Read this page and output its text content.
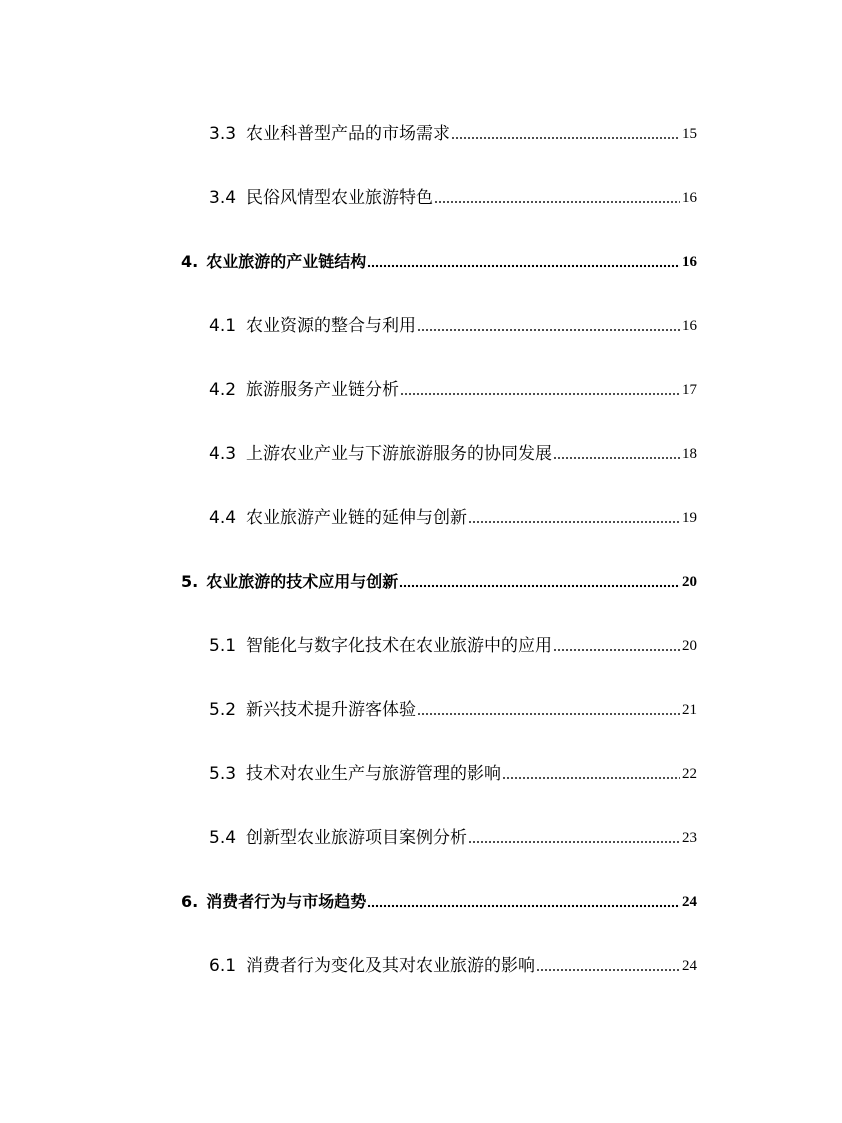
3.3 农业科普型产品的市场需求	15
3.4 民俗风情型农业旅游特色	16
4. 农业旅游的产业链结构	16
4.1 农业资源的整合与利用	16
4.2 旅游服务产业链分析	17
4.3 上游农业产业与下游旅游服务的协同发展	18
4.4 农业旅游产业链的延伸与创新	19
5. 农业旅游的技术应用与创新	20
5.1 智能化与数字化技术在农业旅游中的应用	20
5.2 新兴技术提升游客体验	21
5.3 技术对农业生产与旅游管理的影响	22
5.4 创新型农业旅游项目案例分析	23
6. 消费者行为与市场趋势	24
6.1 消费者行为变化及其对农业旅游的影响	24
